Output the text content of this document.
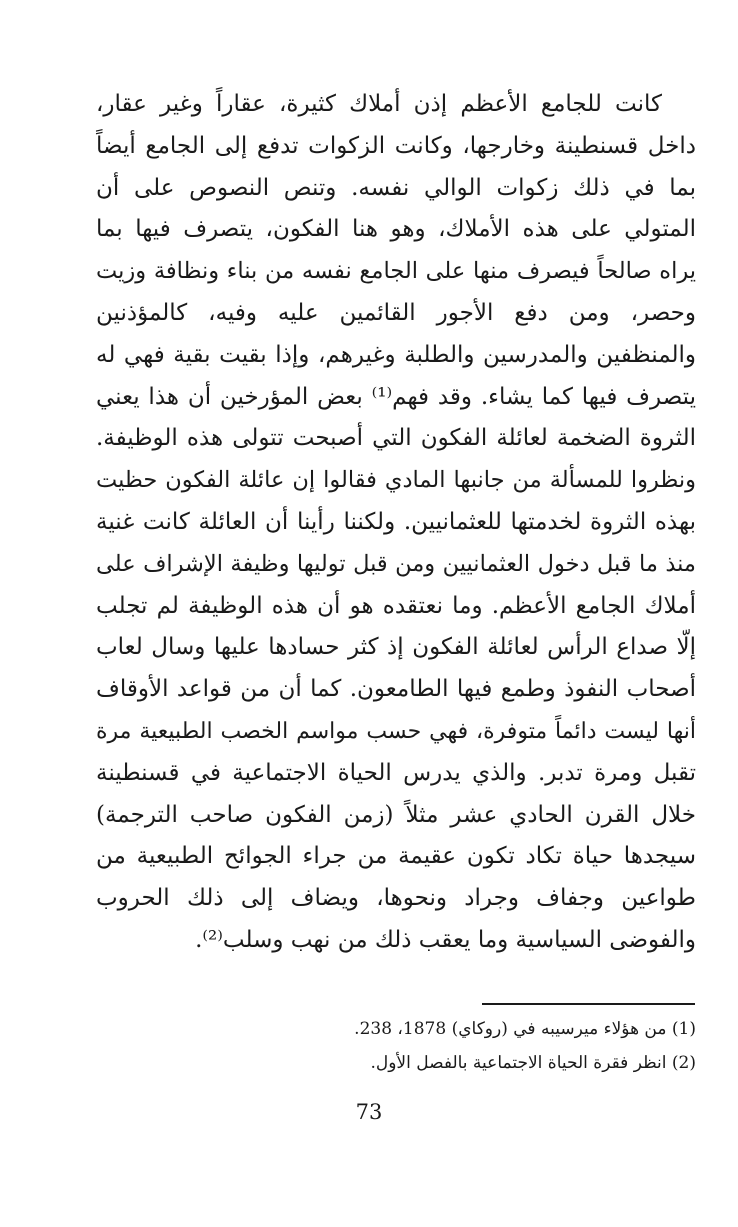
كانت للجامع الأعظم إذن أملاك كثيرة، عقاراً وغير عقار،
داخل قسنطينة وخارجها، وكانت الزكوات تدفع إلى الجامع أيضاً
بما في ذلك زكوات الوالي نفسه. وتنص النصوص على أن
المتولي على هذه الأملاك، وهو هنا الفكون، يتصرف فيها بما
يراه صالحاً فيصرف منها على الجامع نفسه من بناء ونظافة وزيت
وحصر، ومن دفع الأجور القائمين عليه وفيه، كالمؤذنين
والمنظفين والمدرسين والطلبة وغيرهم، وإذا بقيت بقية فهي له
يتصرف فيها كما يشاء. وقد فهم⁽¹⁾ بعض المؤرخين أن هذا يعني
الثروة الضخمة لعائلة الفكون التي أصبحت تتولى هذه الوظيفة.
ونظروا للمسألة من جانبها المادي فقالوا إن عائلة الفكون حظيت
بهذه الثروة لخدمتها للعثمانيين. ولكننا رأينا أن العائلة كانت غنية
منذ ما قبل دخول العثمانيين ومن قبل توليها وظيفة الإشراف على
أملاك الجامع الأعظم. وما نعتقده هو أن هذه الوظيفة لم تجلب
إلّا صداع الرأس لعائلة الفكون إذ كثر حسادها عليها وسال لعاب
أصحاب النفوذ وطمع فيها الطامعون. كما أن من قواعد الأوقاف
أنها ليست دائماً متوفرة، فهي حسب مواسم الخصب الطبيعية مرة
تقبل ومرة تدبر. والذي يدرس الحياة الاجتماعية في قسنطينة
خلال القرن الحادي عشر مثلاً (زمن الفكون صاحب الترجمة)
سيجدها حياة تكاد تكون عقيمة من جراء الجوائح الطبيعية من
طواعين وجفاف وجراد ونحوها، ويضاف إلى ذلك الحروب
والفوضى السياسية وما يعقب ذلك من نهب وسلب⁽²⁾.
(1) من هؤلاء ميرسيبه في (روكاي) 1878، 238.
(2) انظر فقرة الحياة الاجتماعية بالفصل الأول.
73
